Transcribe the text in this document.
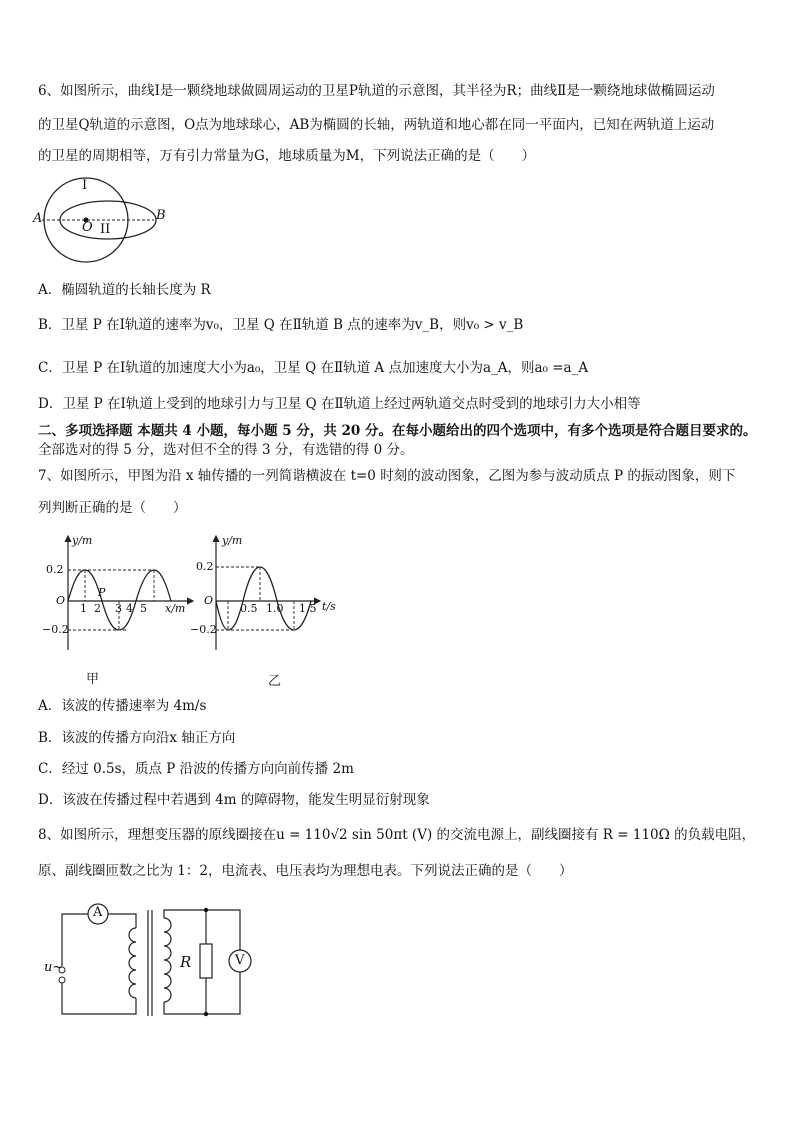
6、如图所示，曲线Ⅰ是一颗绕地球做圆周运动的卫星P轨道的示意图，其半径为R；曲线Ⅱ是一颗绕地球做椭圆运动
的卫星Q轨道的示意图，O点为地球球心，AB为椭圆的长轴，两轨道和地心都在同一平面内，已知在两轨道上运动
的卫星的周期相等，万有引力常量为G，地球质量为M，下列说法正确的是（　　）
I
A	B
O II
A．椭圆轨道的长轴长度为 R
B．卫星 P 在Ⅰ轨道的速率为v₀，卫星 Q 在Ⅱ轨道 B 点的速率为v_B，则v₀ > v_B
C．卫星 P 在Ⅰ轨道的加速度大小为a₀，卫星 Q 在Ⅱ轨道 A 点加速度大小为a_A，则a₀ =a_A
D．卫星 P 在Ⅰ轨道上受到的地球引力与卫星 Q 在Ⅱ轨道上经过两轨道交点时受到的地球引力大小相等
二、多项选择题 本题共 4 小题，每小题 5 分，共 20 分。在每小题给出的四个选项中，有多个选项是符合题目要求的。
全部选对的得 5 分，选对但不全的得 3 分，有选错的得 0 分。
7、如图所示，甲图为沿 x 轴传播的一列简谐横波在 t=0 时刻的波动图象，乙图为参与波动质点 P 的振动图象，则下
列判断正确的是（　　）
y/m
0.2
−0.2
O
P
1 2 3 4 5 x/m
甲
y/m
0.2
−0.2
O
0.5 1.0 1.5 t/s
乙
A．该波的传播速率为 4m/s
B．该波的传播方向沿x 轴正方向
C．经过 0.5s，质点 P 沿波的传播方向向前传播 2m
D．该波在传播过程中若遇到 4m 的障碍物，能发生明显衍射现象
8、如图所示，理想变压器的原线圈接在u = 110√2 sin 50πt (V) 的交流电源上，副线圈接有 R = 110Ω 的负载电阻，
原、副线圈匝数之比为 1：2，电流表、电压表均为理想电表。下列说法正确的是（　　）
A
V
R
u~
